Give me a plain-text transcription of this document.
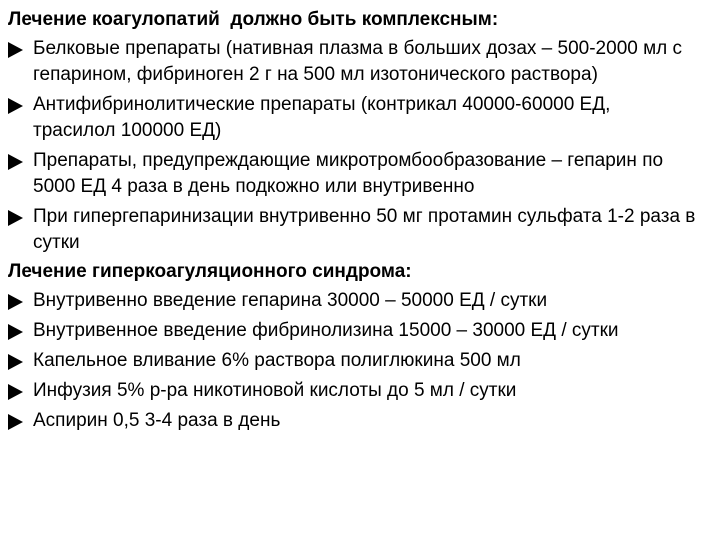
Лечение коагулопатий  должно быть комплексным:
Белковые препараты (нативная плазма в больших дозах – 500-2000 мл с гепарином, фибриноген 2 г на 500 мл изотонического раствора)
Антифибринолитические препараты (контрикал 40000-60000 ЕД, трасилол 100000 ЕД)
Препараты, предупреждающие микротромбообразование – гепарин по 5000 ЕД 4 раза в день подкожно или внутривенно
При гипергепаринизации внутривенно 50 мг протамин сульфата 1-2 раза в сутки
Лечение гиперкоагуляционного синдрома:
Внутривенно введение гепарина 30000 – 50000 ЕД / сутки
Внутривенное введение фибринолизина 15000 – 30000 ЕД / сутки
Капельное вливание 6% раствора полиглюкина 500 мл
Инфузия 5% р-ра никотиновой кислоты до 5 мл / сутки
Аспирин 0,5 3-4 раза в день
